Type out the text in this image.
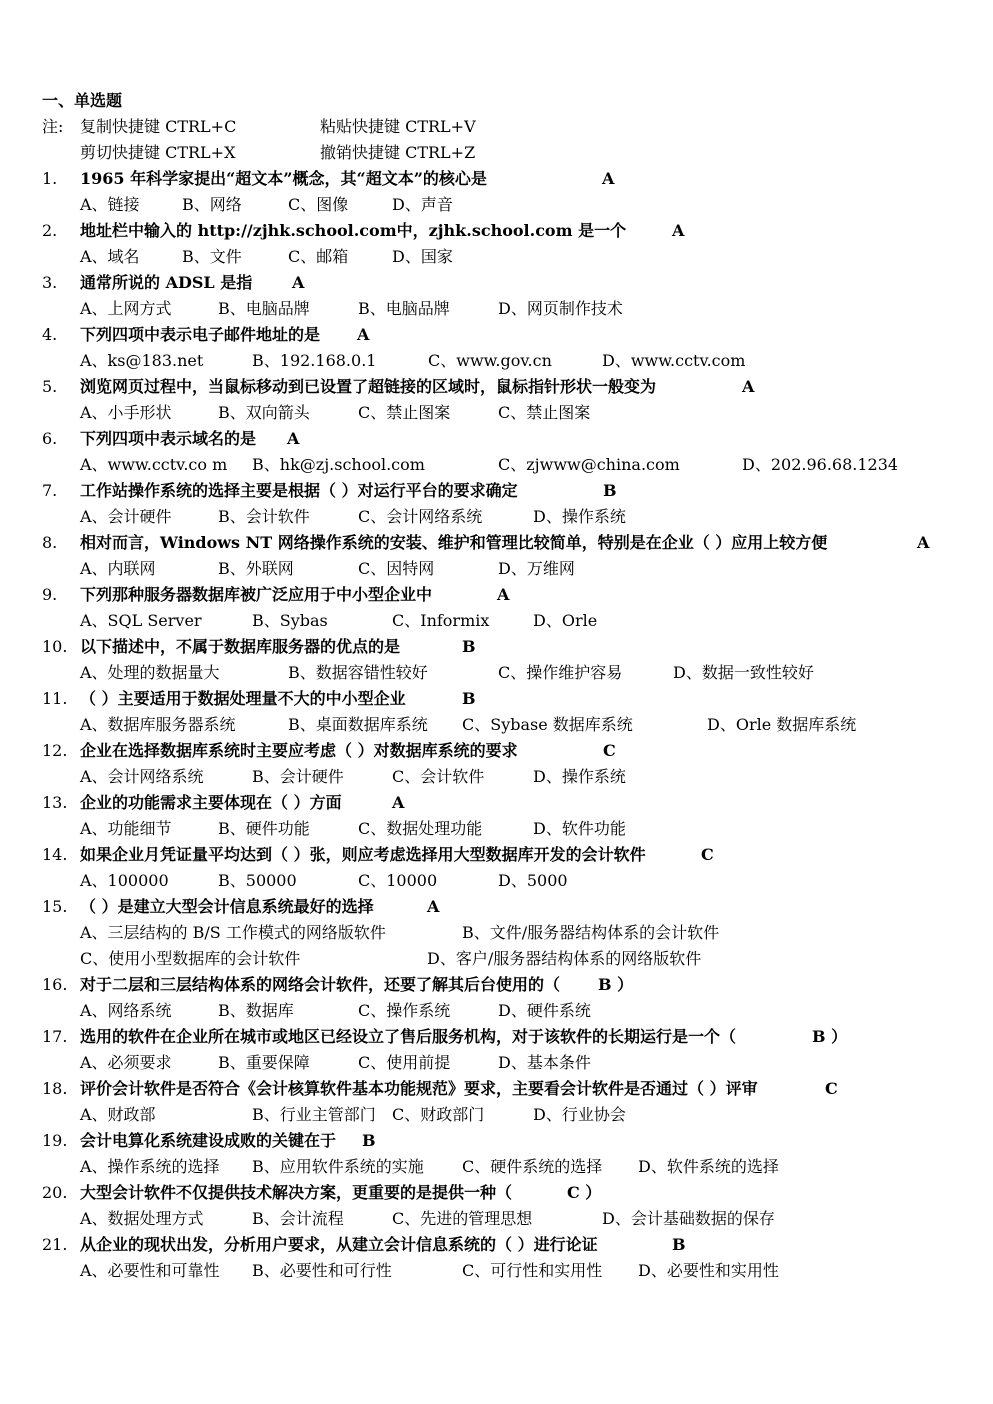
一、单选题
注: 复制快捷键 CTRL+C	粘贴快捷键 CTRL+V
剪切快捷键 CTRL+X	撤销快捷键 CTRL+Z
1.	1965 年科学家提出“超文本”概念，其“超文本”的核心是	A
A、链接	B、网络	C、图像	D、声音
2.	地址栏中输入的 http://zjhk.school.com中，zjhk.school.com 是一个	A
A、域名	B、文件	C、邮箱	D、国家
3.	通常所说的 ADSL 是指 A
A、上网方式	B、电脑品牌	B、电脑品牌	D、网页制作技术
4.	下列四项中表示电子邮件地址的是 A
A、ks@183.net	B、192.168.0.1	C、www.gov.cn	D、www.cctv.com
5.	浏览网页过程中，当鼠标移动到已设置了超链接的区域时，鼠标指针形状一般变为	A
A、小手形状	B、双向箭头	C、禁止图案	C、禁止图案
6.	下列四项中表示域名的是 A
A、www.cctv.co m B、hk@zj.school.com	C、zjwww@china.com	D、202.96.68.1234
7.	工作站操作系统的选择主要是根据（ ）对运行平台的要求确定	B
A、会计硬件	B、会计软件	C、会计网络系统	D、操作系统
8.	相对而言，Windows NT 网络操作系统的安装、维护和管理比较简单，特别是在企业（ ）应用上较方便	A
A、内联网	B、外联网	C、因特网	D、万维网
9.	下列那种服务器数据库被广泛应用于中小型企业中	A
A、SQL Server	B、Sybas	C、Informix	D、Orle
10. 以下描述中，不属于数据库服务器的优点的是	B
A、处理的数据量大	B、数据容错性较好	C、操作维护容易	D、数据一致性较好
11. （ ）主要适用于数据处理量不大的中小型企业	B
A、数据库服务器系统	B、桌面数据库系统 C、Sybase 数据库系统	D、Orle 数据库系统
12. 企业在选择数据库系统时主要应考虑（ ）对数据库系统的要求	C
A、会计网络系统	B、会计硬件	C、会计软件	D、操作系统
13. 企业的功能需求主要体现在（ ）方面	A
A、功能细节	B、硬件功能	C、数据处理功能	D、软件功能
14. 如果企业月凭证量平均达到（ ）张，则应考虑选择用大型数据库开发的会计软件	C
A、100000	B、50000	C、10000	D、5000
15. （ ）是建立大型会计信息系统最好的选择	A
A、三层结构的 B/S 工作模式的网络版软件	B、文件/服务器结构体系的会计软件
C、使用小型数据库的会计软件	D、客户/服务器结构体系的网络版软件
16. 对于二层和三层结构体系的网络会计软件，还要了解其后台使用的（ B ）
A、网络系统	B、数据库	C、操作系统	D、硬件系统
17. 选用的软件在企业所在城市或地区已经设立了售后服务机构，对于该软件的长期运行是一个（	B ）
A、必须要求	B、重要保障	C、使用前提	D、基本条件
18. 评价会计软件是否符合《会计核算软件基本功能规范》要求，主要看会计软件是否通过（ ）评审	C
A、财政部	B、行业主管部门 C、财政部门	D、行业协会
19. 会计电算化系统建设成败的关键在于 B
A、操作系统的选择 B、应用软件系统的实施 C、硬件系统的选择 D、软件系统的选择
20. 大型会计软件不仅提供技术解决方案，更重要的是提供一种（	C ）
A、数据处理方式	B、会计流程	C、先进的管理思想	D、会计基础数据的保存
21. 从企业的现状出发，分析用户要求，从建立会计信息系统的（ ）进行论证	B
A、必要性和可靠性 B、必要性和可行性	C、可行性和实用性 D、必要性和实用性
